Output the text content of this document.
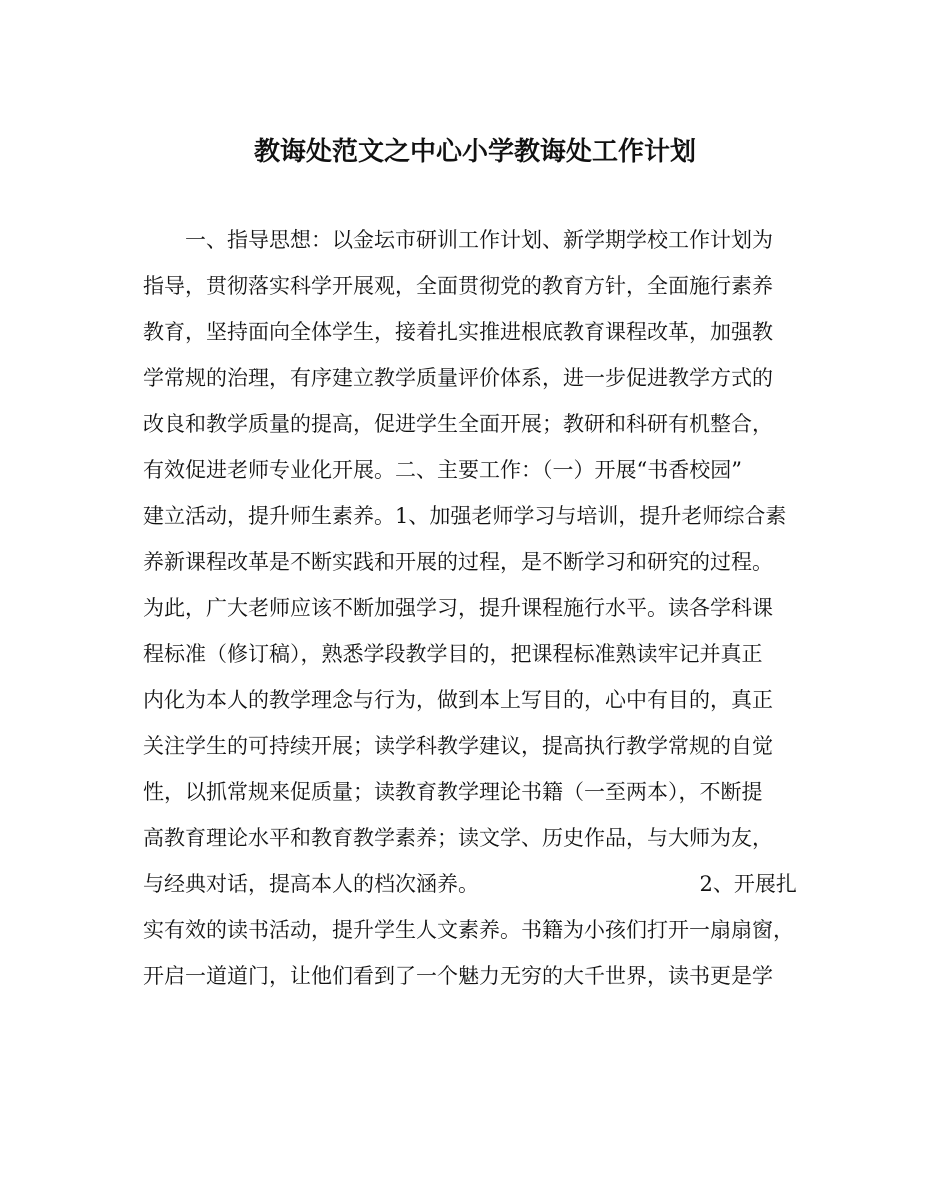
教诲处范文之中心小学教诲处工作计划
　　一、指导思想：以金坛市研训工作计划、新学期学校工作计划为
指导，贯彻落实科学开展观，全面贯彻党的教育方针，全面施行素养
教育，坚持面向全体学生，接着扎实推进根底教育课程改革，加强教
学常规的治理，有序建立教学质量评价体系，进一步促进教学方式的
改良和教学质量的提高，促进学生全面开展；教研和科研有机整合，
有效促进老师专业化开展。二、主要工作：（一）开展“书香校园”
建立活动，提升师生素养。1、加强老师学习与培训，提升老师综合素
养新课程改革是不断实践和开展的过程，是不断学习和研究的过程。
为此，广大老师应该不断加强学习，提升课程施行水平。读各学科课
程标准（修订稿），熟悉学段教学目的，把课程标准熟读牢记并真正
内化为本人的教学理念与行为，做到本上写目的，心中有目的，真正
关注学生的可持续开展；读学科教学建议，提高执行教学常规的自觉
性，以抓常规来促质量；读教育教学理论书籍（一至两本），不断提
高教育理论水平和教育教学素养；读文学、历史作品，与大师为友，
与经典对话，提高本人的档次涵养。　　　　　　　　　　　2、开展扎
实有效的读书活动，提升学生人文素养。书籍为小孩们打开一扇扇窗，
开启一道道门，让他们看到了一个魅力无穷的大千世界，读书更是学
